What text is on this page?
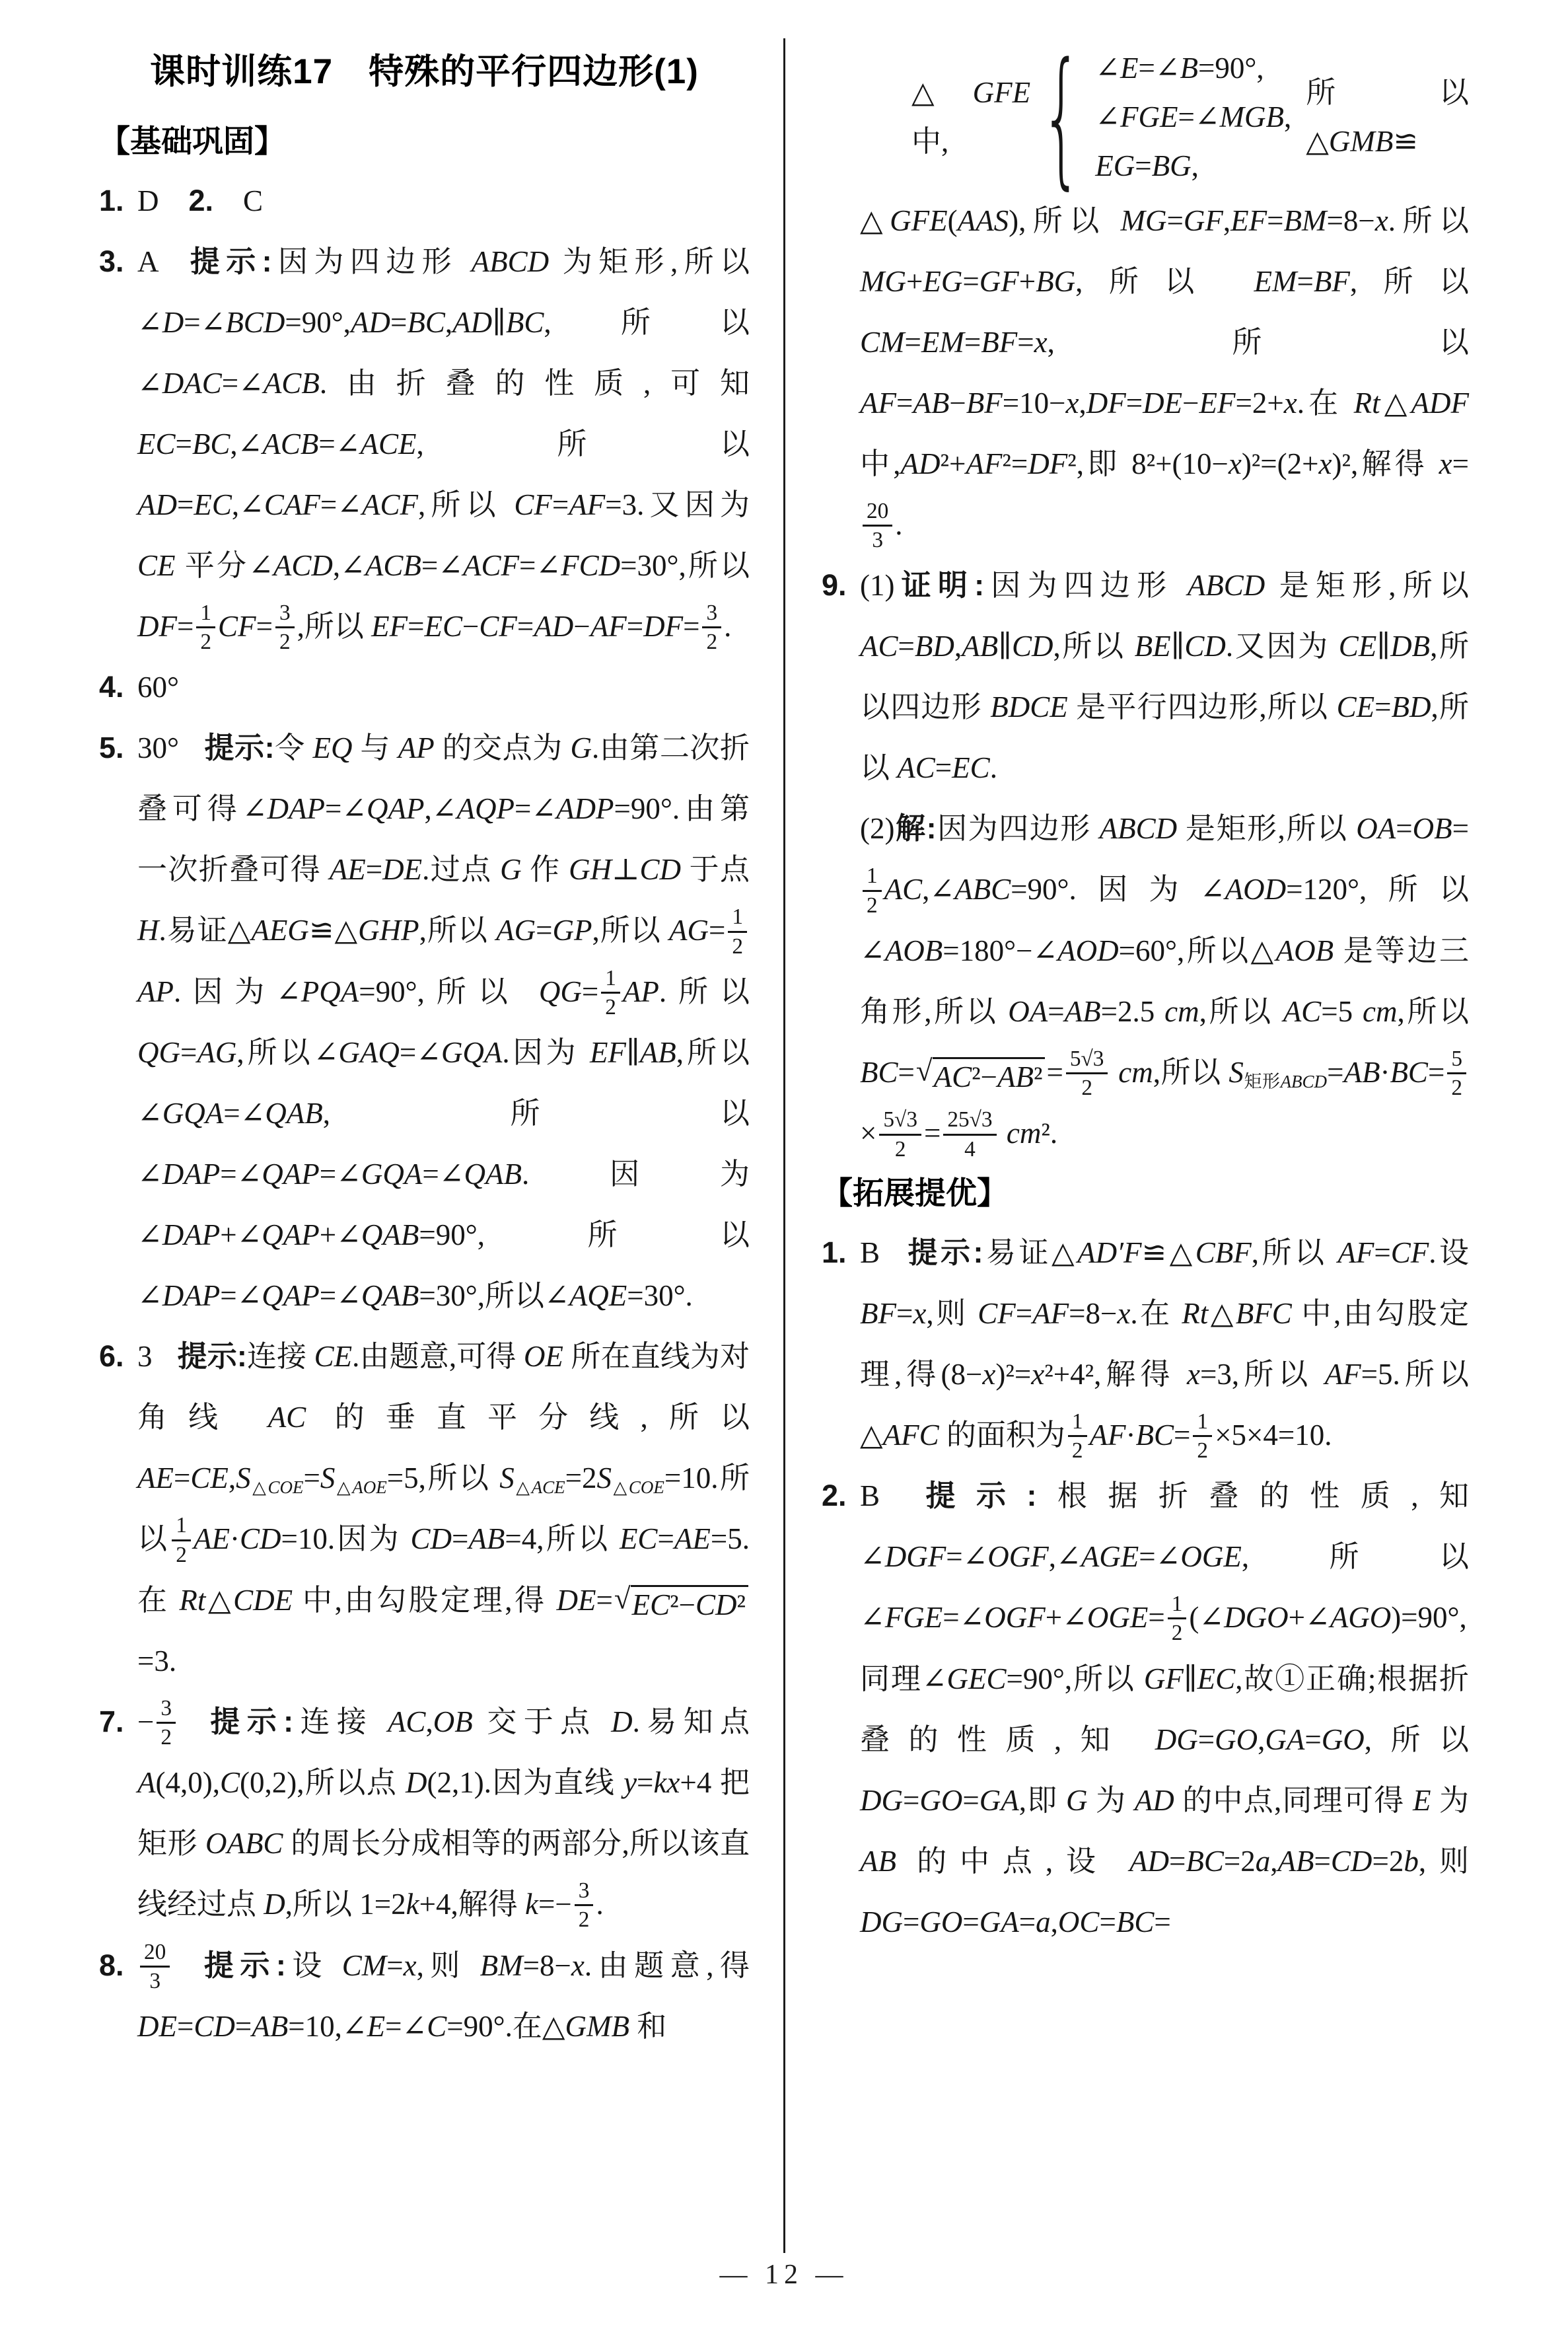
课时训练17　特殊的平行四边形(1)
【基础巩固】
1. D　2.　C
3. A 提示:因为四边形 ABCD 为矩形,所以∠D=∠BCD=90°,AD=BC,AD∥BC,所以∠DAC=∠ACB.由折叠的性质,可知 EC=BC,∠ACB=∠ACE,所以 AD=EC,∠CAF=∠ACF,所以 CF=AF=3.又因为 CE 平分∠ACD,∠ACB=∠ACF=∠FCD=30°,所以 $DF= \frac{1}{2} CF= \frac{3}{2}$ ,所以 $EF=EC-CF=AD-AF=DF= \frac{3}{2}$ .
4. 60°
5. 30° 提示:令 EQ 与 AP 的交点为 G.由第二次折叠可得∠DAP=∠QAP,∠AQP=∠ADP=90°.由第一次折叠可得 AE=DE.过点 G 作 GH⊥CD 于点 H.易证△AEG≌△GHP,所以 AG=GP,所以 $AG= \frac{1}{2}$
AP.因为∠PQA=90°,所以 $QG= \frac{1}{2}$ AP.所以 QG=AG,所以∠GAQ=∠GQA.因为 EF∥AB,所以∠GQA=∠QAB,所以∠DAP=∠QAP=∠GQA=∠QAB.因为∠DAP+∠QAP+∠QAB=90°,所以∠DAP=∠QAP=∠QAB=30°,所以∠AQE=30°.
6. 3 提示:连接 CE.由题意,可得 OE 所在直线为对角线 AC 的垂直平分线,所以 $AE=CE,S_{\triangle COE}=S_{\triangle AOE}=5$,所以 $S_{\triangle ACE}=2S_{\triangle COE}=10$.所以 $\frac{1}{2} AE\cdot CD=10$.因为 CD=AB=4,所以 EC=AE=5.在 Rt△CDE 中,由勾股定理,得 DE= √ EC²−CD²
=3.
7. − $\frac{3}{2}$ 提示:连接 AC,OB 交于点 D.易知点 A(4,0),C(0,2),所以点 D(2,1).因为直线 y=kx+4 把矩形 OABC 的周长分成相等的两部分,所以该直线经过点 D,所以 1=2k+4,解得 $k=- \frac{3}{2}$ .
8. $\frac{20}{3}$ 提示:设 CM=x,则 BM=8−x.由题意,得 DE=CD=AB=10,∠E=∠C=90°.在△GMB 和
△GFE 中,	{ ∠E=∠B=90°,
∠FGE=∠MGB,
EG=BG,
所以△GMB≌
△GFE(AAS),所以 MG=GF,EF=BM=8−x.所以 MG+EG=GF+BG,所以 EM=BF,所以 CM=EM=BF=x,所以 AF=AB−BF=10−x,DF=DE−EF=2+x.在 Rt△ADF 中,AD²+AF²=DF²,即 8²+(10−x)²=(2+x)²,解得 x=
$\frac{20}{3}$ .
9. (1)证明:因为四边形 ABCD 是矩形,所以 AC=BD,AB∥CD,所以 BE∥CD.又因为 CE∥DB,所以四边形 BDCE 是平行四边形,所以 CE=BD,所以 AC=EC.
(2)解:因为四边形 ABCD 是矩形,所以 OA=OB=
$\frac{1}{2}$ AC,∠ABC=90°.因为∠AOD=120°,所以∠AOB=180°−∠AOD=60°,所以△AOB 是等边三角形,所以 OA=AB=2.5 cm,所以 AC=5 cm,所以 BC= √ $AC^2-AB^2 = \frac{5√3}{2}$ cm,所以 $S_{矩形ABCD}=AB\cdot BC= \frac{5}{2}$
× $\frac{5√3}{2} = \frac{25√3}{4} cm^2$.
【拓展提优】
1. B 提示:易证△AD′F≌△CBF,所以 AF=CF.设 BF=x,则 CF=AF=8−x.在 Rt△BFC 中,由勾股定理,得(8−x)²=x²+4²,解得 x=3,所以 AF=5.所以△AFC 的面积为 $\frac{1}{2} AF\cdot BC= \frac{1}{2} \times 5\times 4=10$.
2. B 提示:根据折叠的性质,知∠DGF=∠OGF,∠AGE=∠OGE,所以∠FGE=∠OGF+∠OGE= $\frac{1}{2}$ (∠DGO+∠AGO)=90°,同理∠GEC=90°,所以 GF∥EC,故①正确;根据折叠的性质,知 DG=GO,GA=GO,所以 DG=GO=GA,即 G 为 AD 的中点,同理可得 E 为 AB 的中点,设 AD=BC=2a,AB=CD=2b,则 DG=GO=GA=a,OC=BC=
— 12 —
